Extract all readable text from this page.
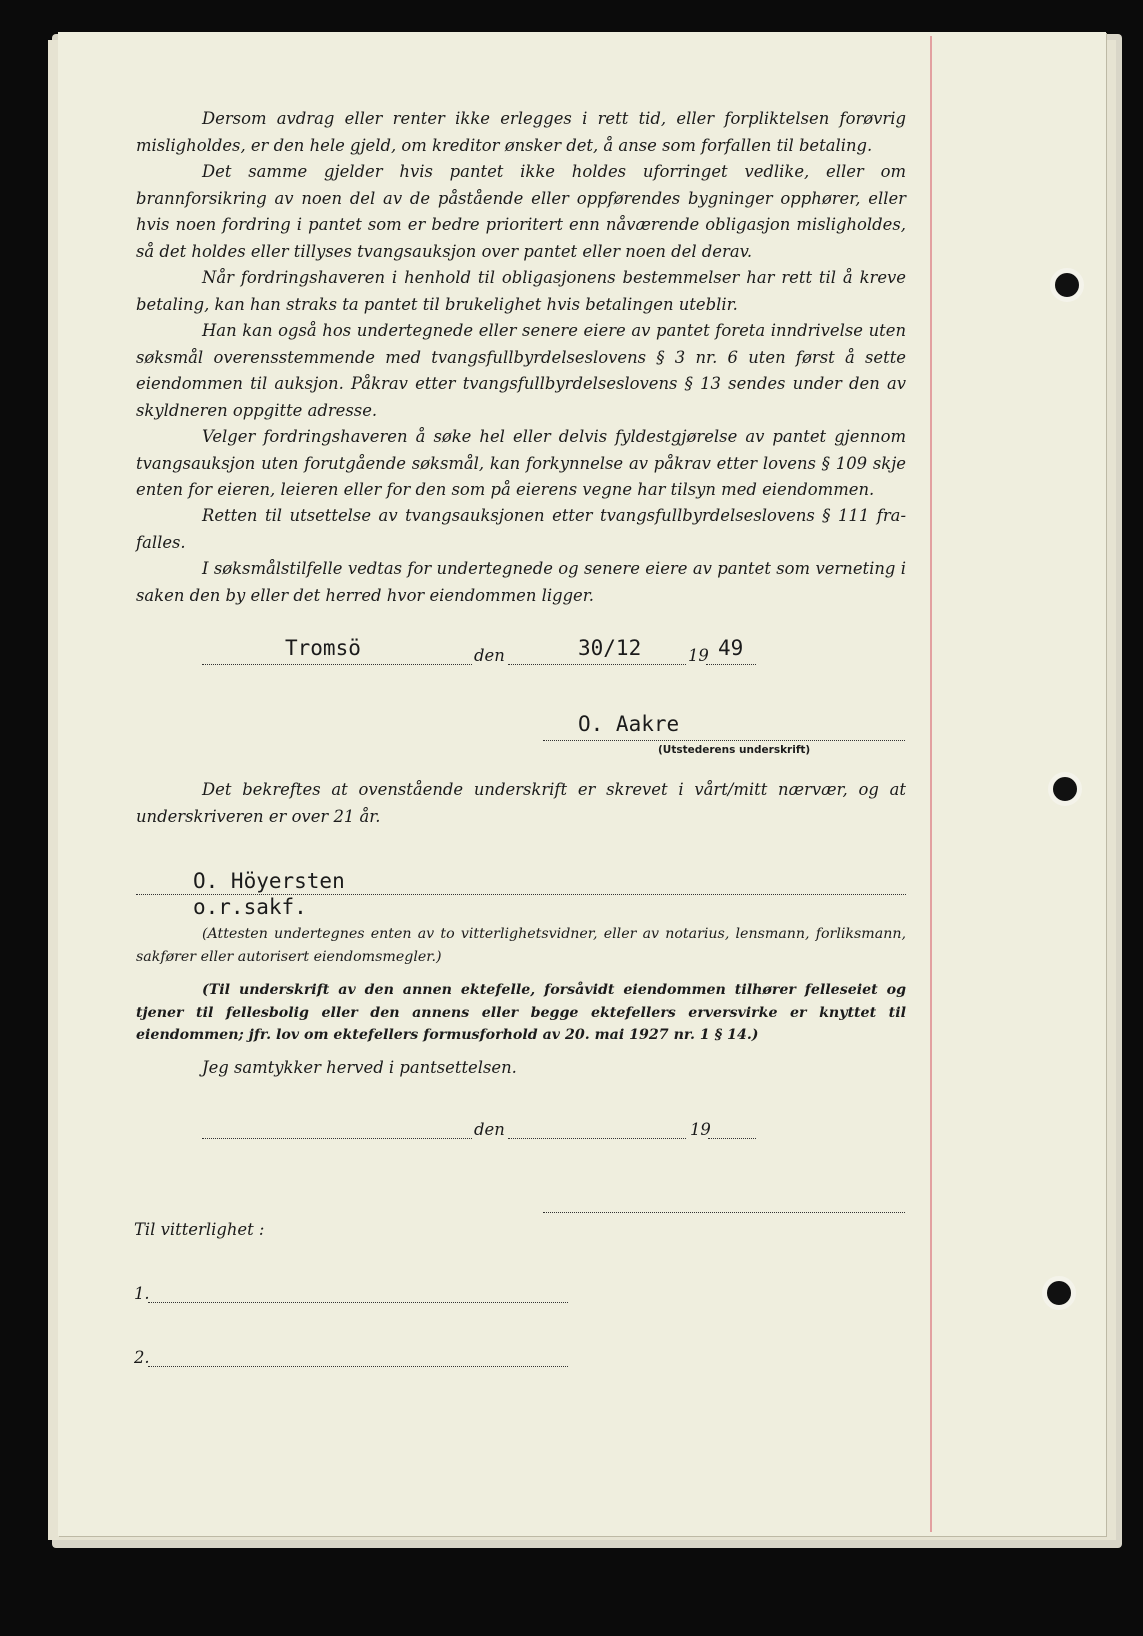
Dersom avdrag eller renter ikke erlegges i rett tid, eller forpliktelsen forøvrig misligholdes, er den hele gjeld, om kreditor ønsker det, å anse som forfallen til betaling.

Det samme gjelder hvis pantet ikke holdes uforringet vedlike, eller om brannforsikring av noen del av de påstående eller oppførendes bygninger opphører, eller hvis noen fordring i pantet som er bedre prioritert enn nåværende obligasjon misligholdes, så det holdes eller tillyses tvangsauksjon over pantet eller noen del derav.

Når fordringshaveren i henhold til obligasjonens bestemmelser har rett til å kreve betaling, kan han straks ta pantet til brukelighet hvis betalingen uteblir.

Han kan også hos undertegnede eller senere eiere av pantet foreta inndrivelse uten søksmål overensstemmende med tvangsfullbyrdelseslovens § 3 nr. 6 uten først å sette eiendommen til auksjon. Påkrav etter tvangsfullbyrdelseslovens § 13 sendes under den av skyldneren oppgitte adresse.

Velger fordringshaveren å søke hel eller delvis fyldestgjørelse av pantet gjennom tvangsauksjon uten forutgående søksmål, kan forkynnelse av påkrav etter lovens § 109 skje enten for eieren, leieren eller for den som på eierens vegne har tilsyn med eiendommen.

Retten til utsettelse av tvangsauksjonen etter tvangsfullbyrdelseslovens § 111 fra-falles.

I søksmålstilfelle vedtas for undertegnede og senere eiere av pantet som verneting i saken den by eller det herred hvor eiendommen ligger.

Tromsö	den	30/12	19 49
O. Aakre
(Utstederens underskrift)

Det bekreftes at ovenstående underskrift er skrevet i vårt/mitt nærvær, og at underskriveren er over 21 år.

O. Höyersten
o.r.sakf.

(Attesten undertegnes enten av to vitterlighetsvidner, eller av notarius, lensmann, forliksmann, sakfører eller autorisert eiendomsmegler.)

(Til underskrift av den annen ektefelle, forsåvidt eiendommen tilhører felleseiet og tjener til fellesbolig eller den annens eller begge ektefellers erversvirke er knyttet til eiendommen; jfr. lov om ektefellers formusforhold av 20. mai 1927 nr. 1 § 14.)

Jeg samtykker herved i pantsettelsen.
den	19
Til vitterlighet :
1.
2.
